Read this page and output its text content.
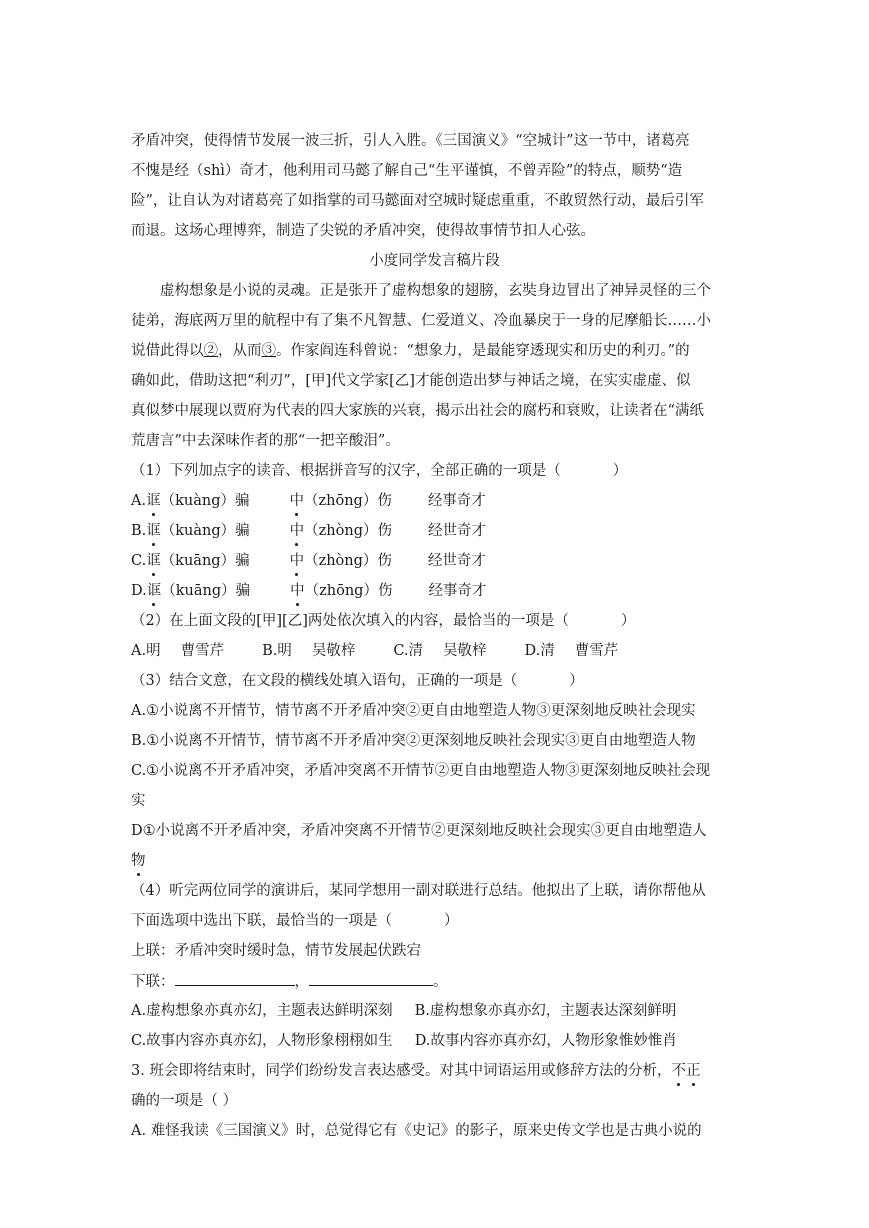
矛盾冲突，使得情节发展一波三折，引人入胜。《三国演义》“空城计”这一节中，诸葛亮
不愧是经（shì）奇才，他利用司马懿了解自己“生平谨慎，不曾弄险”的特点，顺势“造
险”，让自认为对诸葛亮了如指掌的司马懿面对空城时疑虑重重，不敢贸然行动，最后引军
而退。这场心理博弈，制造了尖锐的矛盾冲突，使得故事情节扣人心弦。
小度同学发言稿片段
虚构想象是小说的灵魂。正是张开了虚构想象的翅膀，玄奘身边冒出了神异灵怪的三个
徒弟，海底两万里的航程中有了集不凡智慧、仁爱道义、冷血暴戾于一身的尼摩船长……小
说借此得以②，从而③。作家阎连科曾说：“想象力，是最能穿透现实和历史的利刃。”的
确如此，借助这把“利刃”，[甲]代文学家[乙]才能创造出梦与神话之境，在实实虚虚、似
真似梦中展现以贾府为代表的四大家族的兴衰，揭示出社会的腐朽和衰败，让读者在“满纸
荒唐言”中去深味作者的那“一把辛酸泪”。
（1）下列加点字的读音、根据拼音写的汉字，全部正确的一项是（	）
A.诓（kuàng）骗	中（zhōng）伤 经事奇才
B.诓（kuàng）骗	中（zhòng）伤 经世奇才
C.诓（kuāng）骗	中（zhòng）伤 经世奇才
D.诓（kuāng）骗	中（zhōng）伤 经事奇才
（2）在上面文段的[甲][乙]两处依次填入的内容，最恰当的一项是（	）
A.明 曹雪芹	B.明 吴敬梓	C.清 吴敬梓	D.清 曹雪芹
（3）结合文意，在文段的横线处填入语句，正确的一项是（	）
A.①小说离不开情节，情节离不开矛盾冲突②更自由地塑造人物③更深刻地反映社会现实
B.①小说离不开情节，情节离不开矛盾冲突②更深刻地反映社会现实③更自由地塑造人物
C.①小说离不开矛盾冲突，矛盾冲突离不开情节②更自由地塑造人物③更深刻地反映社会现
实
D①小说离不开矛盾冲突，矛盾冲突离不开情节②更深刻地反映社会现实③更自由地塑造人
物
（4）听完两位同学的演讲后，某同学想用一副对联进行总结。他拟出了上联，请你帮他从
下面选项中选出下联，最恰当的一项是（	）
上联：矛盾冲突时缓时急，情节发展起伏跌宕
下联：	，	。
A.虚构想象亦真亦幻，主题表达鲜明深刻 B.虚构想象亦真亦幻，主题表达深刻鲜明
C.故事内容亦真亦幻，人物形象栩栩如生 D.故事内容亦真亦幻，人物形象惟妙惟肖
3. 班会即将结束时，同学们纷纷发言表达感受。对其中词语运用或修辞方法的分析，不正
确的一项是（ ）
A. 难怪我读《三国演义》时，总觉得它有《史记》的影子，原来史传文学也是古典小说的
